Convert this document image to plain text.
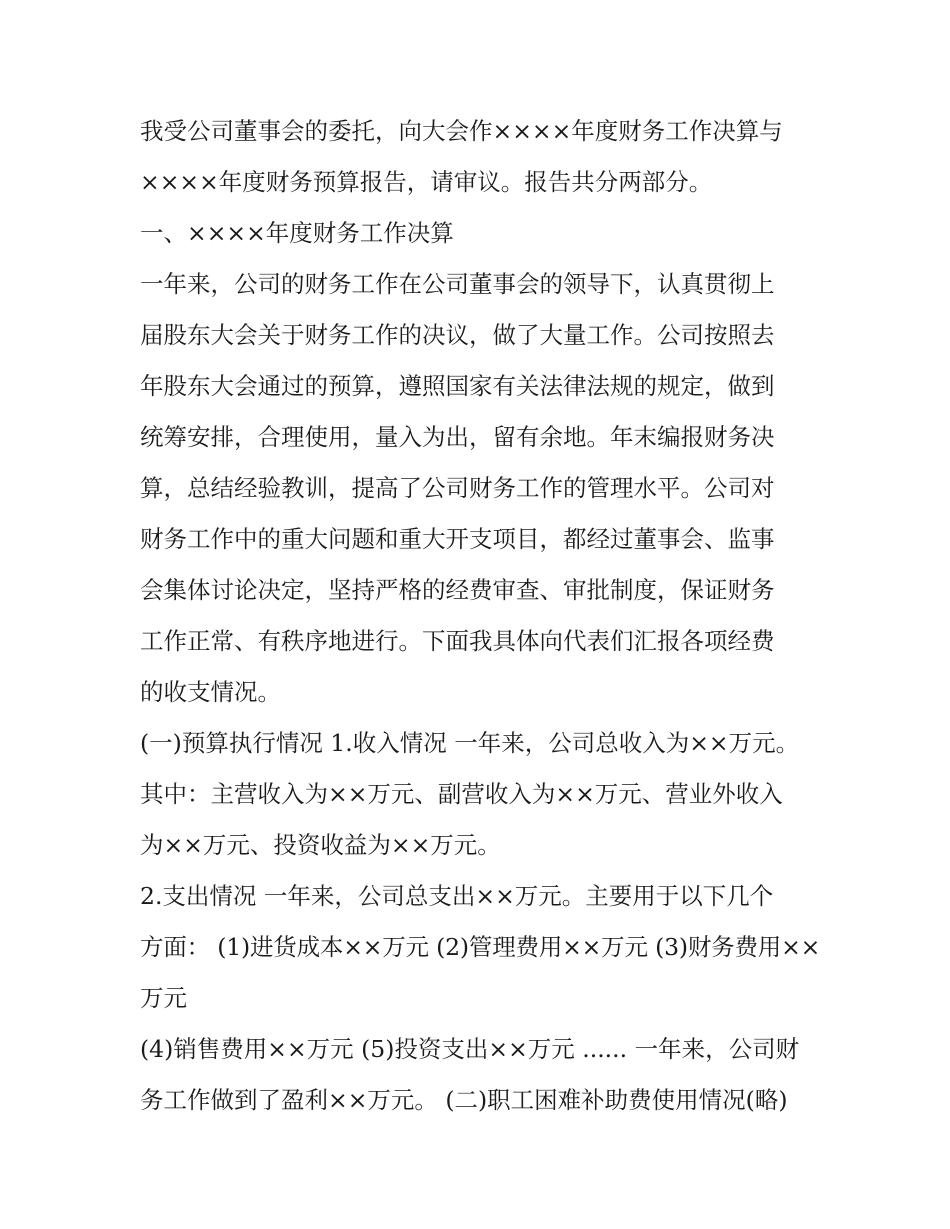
我受公司董事会的委托，向大会作××××年度财务工作决算与
××××年度财务预算报告，请审议。报告共分两部分。

一、××××年度财务工作决算

一年来，公司的财务工作在公司董事会的领导下，认真贯彻上
届股东大会关于财务工作的决议，做了大量工作。公司按照去
年股东大会通过的预算，遵照国家有关法律法规的规定，做到
统筹安排，合理使用，量入为出，留有余地。年末编报财务决
算，总结经验教训，提高了公司财务工作的管理水平。公司对
财务工作中的重大问题和重大开支项目，都经过董事会、监事
会集体讨论决定，坚持严格的经费审查、审批制度，保证财务
工作正常、有秩序地进行。下面我具体向代表们汇报各项经费
的收支情况。

(一)预算执行情况 1.收入情况 一年来，公司总收入为××万元。
其中：主营收入为××万元、副营收入为××万元、营业外收入
为××万元、投资收益为××万元。

2.支出情况 一年来，公司总支出××万元。主要用于以下几个
方面： (1)进货成本××万元 (2)管理费用××万元 (3)财务费用××
万元

(4)销售费用××万元 (5)投资支出××万元 ...... 一年来，公司财
务工作做到了盈利××万元。 (二)职工困难补助费使用情况(略)
